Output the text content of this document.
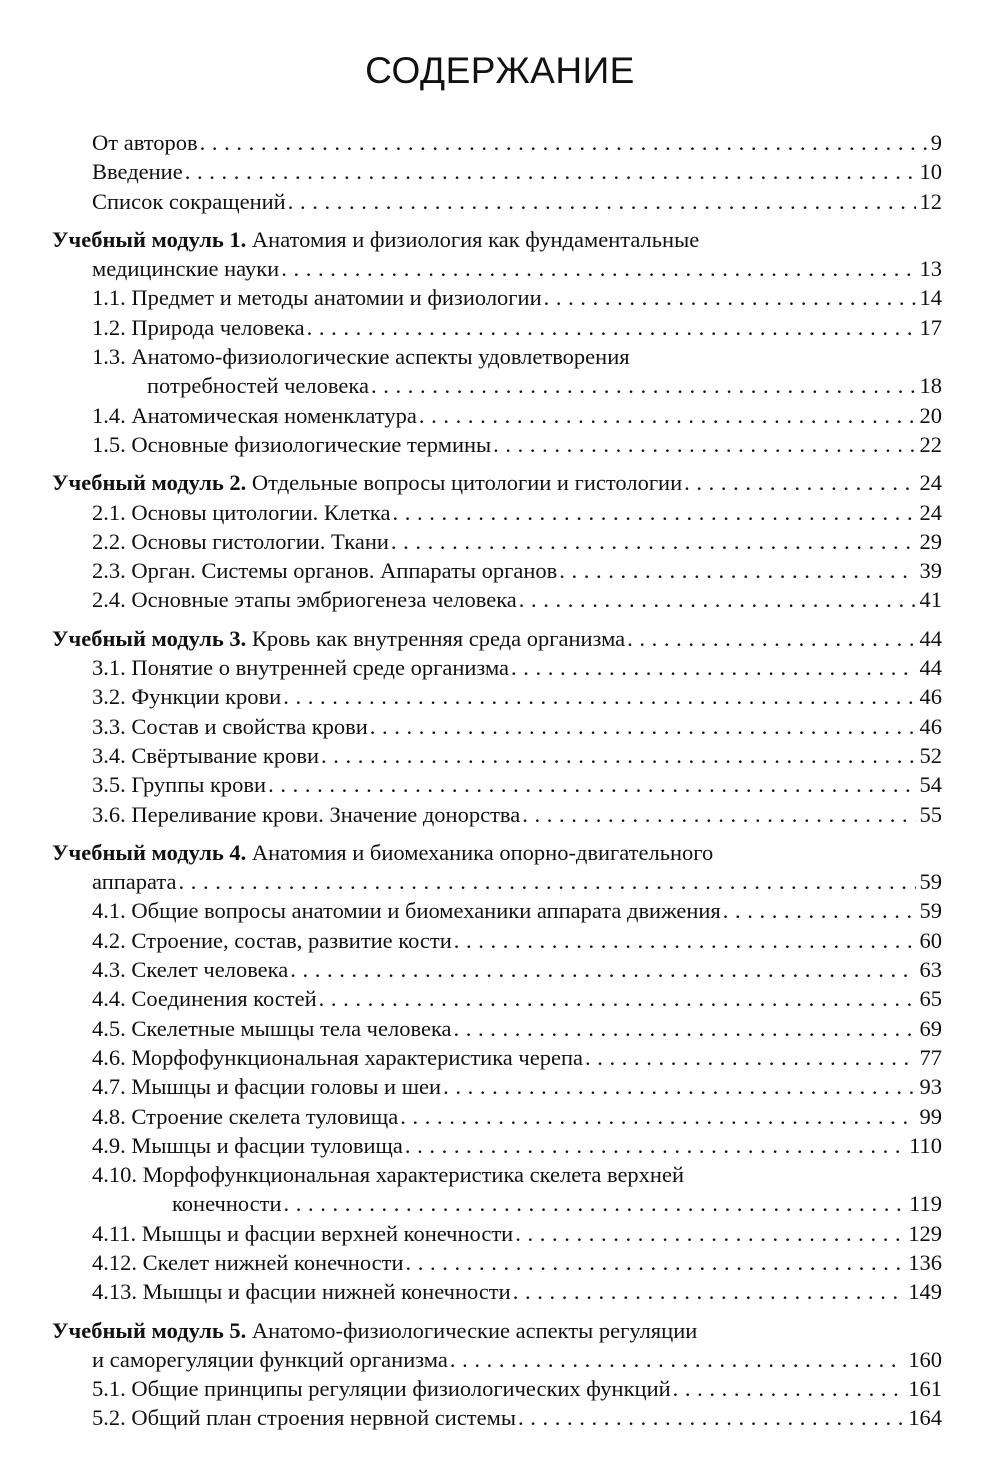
СОДЕРЖАНИЕ
От авторов . . .	9
Введение . . .	10
Список сокращений . . .	12
Учебный модуль 1. Анатомия и физиология как фундаментальные
медицинские науки . . .	13
1.1. Предмет и методы анатомии и физиологии . . .	14
1.2. Природа человека . . .	17
1.3. Анатомо-физиологические аспекты удовлетворения
потребностей человека . . .	18
1.4. Анатомическая номенклатура . . .	20
1.5. Основные физиологические термины . . .	22
Учебный модуль 2. Отдельные вопросы цитологии и гистологии . . .	24
2.1. Основы цитологии. Клетка . . .	24
2.2. Основы гистологии. Ткани . . .	29
2.3. Орган. Системы органов. Аппараты органов . . .	39
2.4. Основные этапы эмбриогенеза человека . . .	41
Учебный модуль 3. Кровь как внутренняя среда организма . . .	44
3.1. Понятие о внутренней среде организма . . .	44
3.2. Функции крови . . .	46
3.3. Состав и свойства крови . . .	46
3.4. Свёртывание крови . . .	52
3.5. Группы крови . . .	54
3.6. Переливание крови. Значение донорства . . .	55
Учебный модуль 4. Анатомия и биомеханика опорно-двигательного
аппарата . . .	59
4.1. Общие вопросы анатомии и биомеханики аппарата движения . . .	59
4.2. Строение, состав, развитие кости . . .	60
4.3. Скелет человека . . .	63
4.4. Соединения костей . . .	65
4.5. Скелетные мышцы тела человека . . .	69
4.6. Морфофункциональная характеристика черепа . . .	77
4.7. Мышцы и фасции головы и шеи . . .	93
4.8. Строение скелета туловища . . .	99
4.9. Мышцы и фасции туловища . . .	110
4.10. Морфофункциональная характеристика скелета верхней
конечности . . .	119
4.11. Мышцы и фасции верхней конечности . . .	129
4.12. Скелет нижней конечности . . .	136
4.13. Мышцы и фасции нижней конечности . . .	149
Учебный модуль 5. Анатомо-физиологические аспекты регуляции
и саморегуляции функций организма . . .	160
5.1. Общие принципы регуляции физиологических функций . . .	161
5.2. Общий план строения нервной системы . . .	164
